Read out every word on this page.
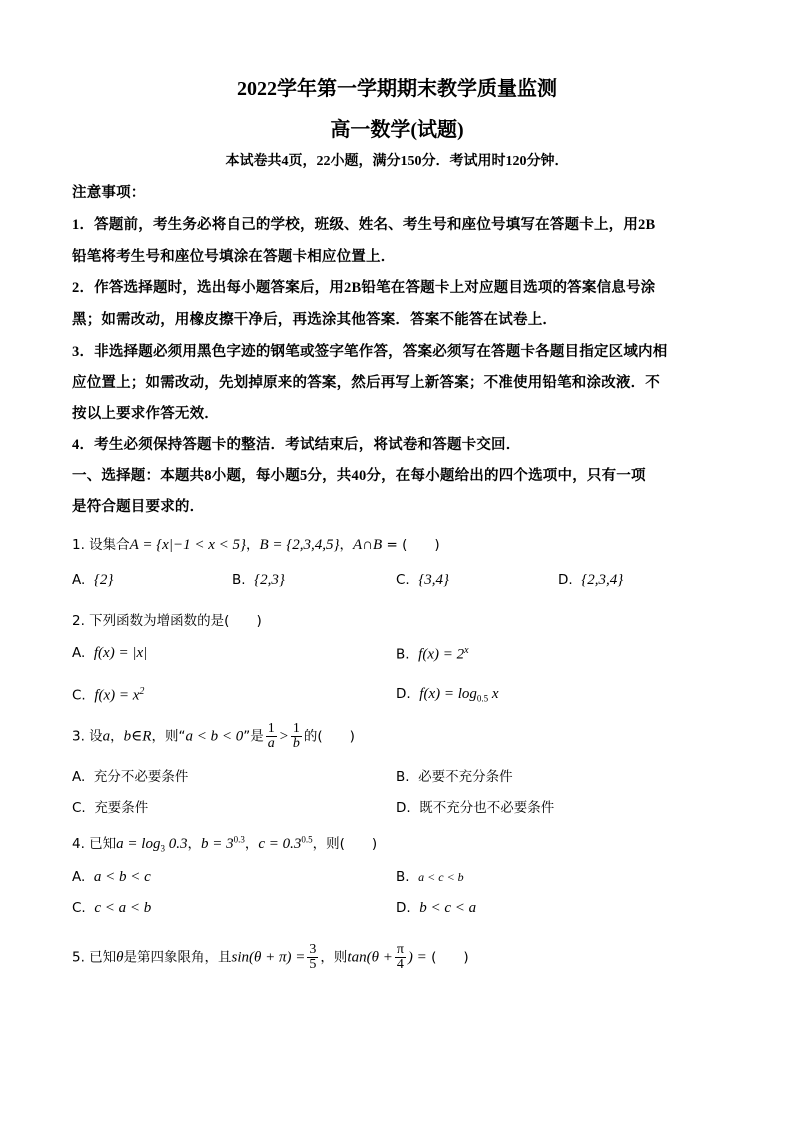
2022学年第一学期期末教学质量监测
高一数学(试题)
本试卷共4页，22小题，满分150分．考试用时120分钟．
注意事项：
1．答题前，考生务必将自己的学校，班级、姓名、考生号和座位号填写在答题卡上，用2B
铅笔将考生号和座位号填涂在答题卡相应位置上．
2．作答选择题时，选出每小题答案后，用2B铅笔在答题卡上对应题目选项的答案信息号涂
黑；如需改动，用橡皮擦干净后，再选涂其他答案．答案不能答在试卷上．
3．非选择题必须用黑色字迹的钢笔或签字笔作答，答案必须写在答题卡各题目指定区域内相
应位置上；如需改动，先划掉原来的答案，然后再写上新答案；不准使用铅笔和涂改液．不
按以上要求作答无效．
4．考生必须保持答题卡的整洁．考试结束后，将试卷和答题卡交回．
一、选择题：本题共8小题，每小题5分，共40分，在每小题给出的四个选项中，只有一项
是符合题目要求的．
1. 设集合A = {x|−1 < x < 5}，B = {2,3,4,5}，A∩B = (　　)
A. {2}	B. {2,3}	C. {3,4}	D. {2,3,4}
2. 下列函数为增函数的是(　　)
A. f(x) = |x|	B. $f(x) = 2^x$
C. $f(x) = x^2$	D. $f(x) = \log_{0.5} x$
3. 设a，b∈R，则“a < b < 0”是 $\frac{1}{a} > \frac{1}{b}$ 的(　　)
A. 充分不必要条件	B. 必要不充分条件
C. 充要条件	D. 既不充分也不必要条件
4. 已知$a = \log_3 0.3$，$b = 3^{0.3}$，$c = 0.3^{0.5}$，则(　　)
A. a < b < c	B. a < c < b
C. c < a < b	D. b < c < a
5. 已知θ是第四象限角，且$\sin(\theta + \pi) = \frac{3}{5}$ ，则$\tan(\theta + \frac{\pi}{4}$ ) = (　　)
